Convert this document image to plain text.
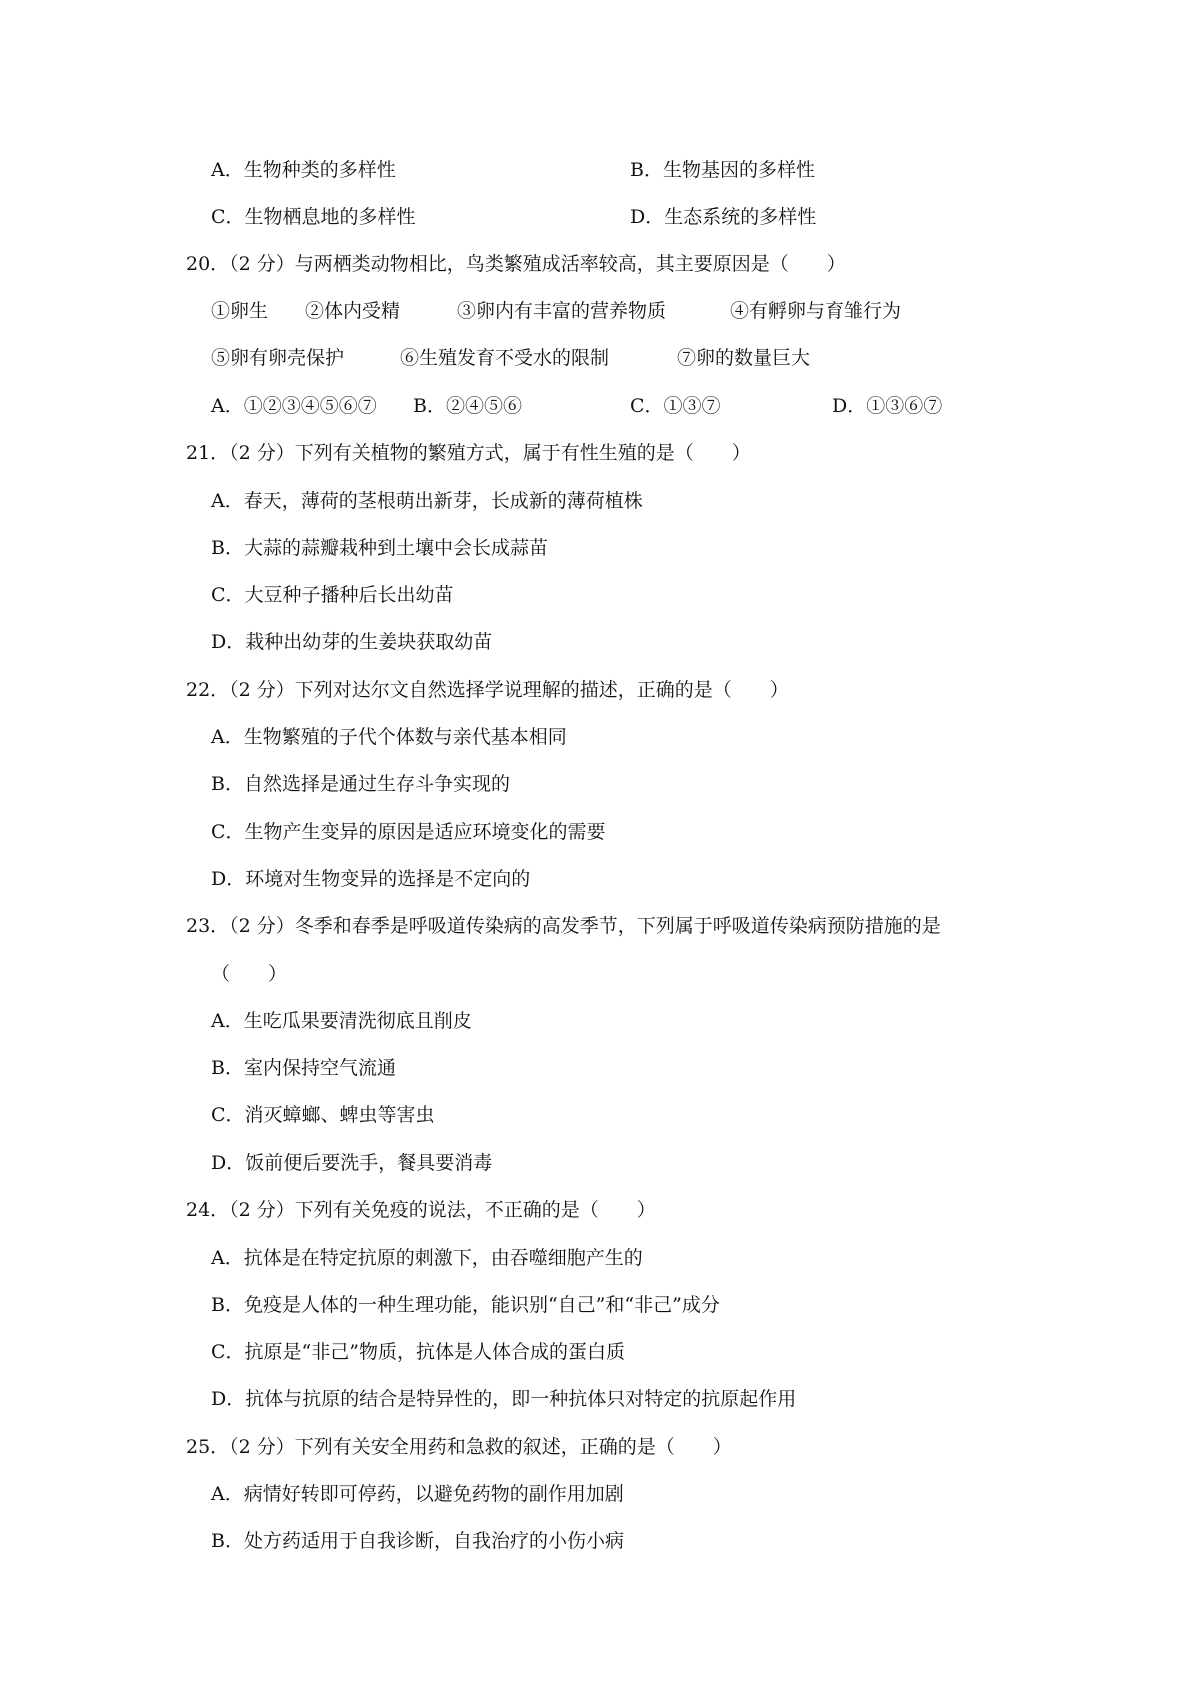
A．生物种类的多样性	B．生物基因的多样性
C．生物栖息地的多样性	D．生态系统的多样性
20．（2 分）与两栖类动物相比，鸟类繁殖成活率较高，其主要原因是（　　）
①卵生 ②体内受精	③卵内有丰富的营养物质	④有孵卵与育雏行为
⑤卵有卵壳保护	⑥生殖发育不受水的限制	⑦卵的数量巨大
A．①②③④⑤⑥⑦ B．②④⑤⑥	C．①③⑦	D．①③⑥⑦
21．（2 分）下列有关植物的繁殖方式，属于有性生殖的是（　　）
A．春天，薄荷的茎根萌出新芽，长成新的薄荷植株
B．大蒜的蒜瓣栽种到土壤中会长成蒜苗
C．大豆种子播种后长出幼苗
D．栽种出幼芽的生姜块获取幼苗
22．（2 分）下列对达尔文自然选择学说理解的描述，正确的是（　　）
A．生物繁殖的子代个体数与亲代基本相同
B．自然选择是通过生存斗争实现的
C．生物产生变异的原因是适应环境变化的需要
D．环境对生物变异的选择是不定向的
23．（2 分）冬季和春季是呼吸道传染病的高发季节，下列属于呼吸道传染病预防措施的是
（　　）
A．生吃瓜果要清洗彻底且削皮
B．室内保持空气流通
C．消灭蟑螂、蜱虫等害虫
D．饭前便后要洗手，餐具要消毒
24．（2 分）下列有关免疫的说法，不正确的是（　　）
A．抗体是在特定抗原的刺激下，由吞噬细胞产生的
B．免疫是人体的一种生理功能，能识别“自己”和“非己”成分
C．抗原是“非己”物质，抗体是人体合成的蛋白质
D．抗体与抗原的结合是特异性的，即一种抗体只对特定的抗原起作用
25．（2 分）下列有关安全用药和急救的叙述，正确的是（　　）
A．病情好转即可停药，以避免药物的副作用加剧
B．处方药适用于自我诊断，自我治疗的小伤小病
